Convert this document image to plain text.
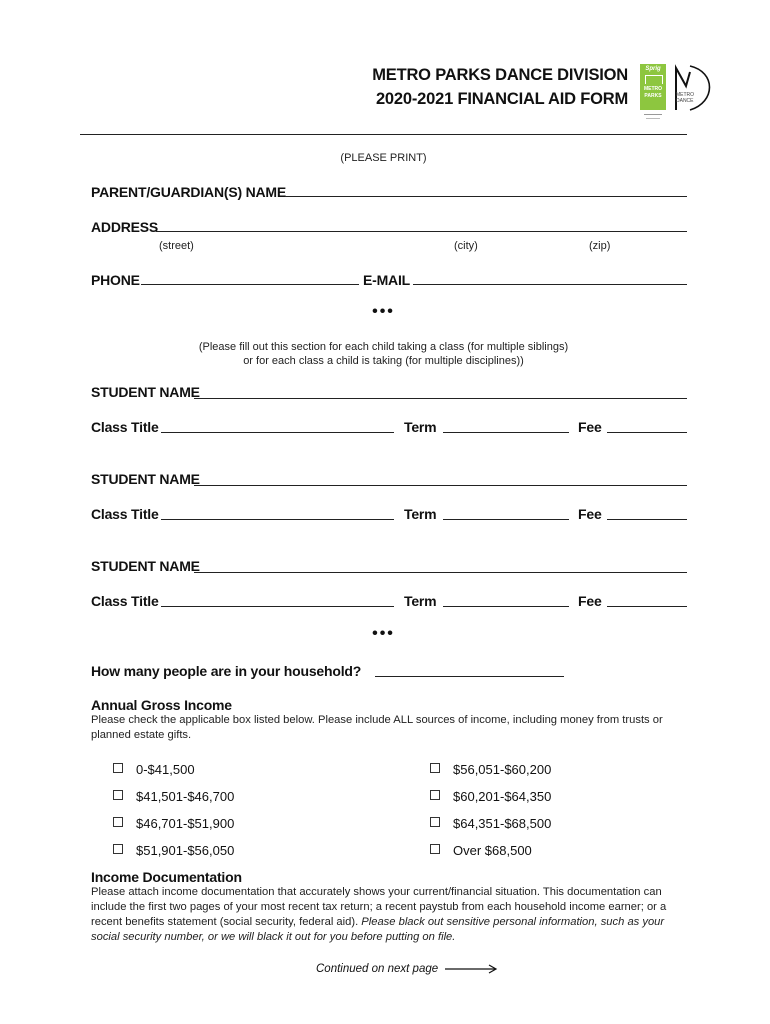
METRO PARKS DANCE DIVISION
2020-2021 FINANCIAL AID FORM
Sprig
METRO
PARKS	METRO
DANCE
(PLEASE PRINT)
PARENT/GUARDIAN(S) NAME
ADDRESS
(street)	(city)	(zip)
PHONE	E-MAIL
•••
(Please fill out this section for each child taking a class (for multiple siblings)
or for each class a child is taking (for multiple disciplines))
STUDENT NAME
Class Title	Term	Fee
STUDENT NAME
Class Title	Term	Fee
STUDENT NAME
Class Title	Term	Fee
•••
How many people are in your household?
Annual Gross Income
Please check the applicable box listed below. Please include ALL sources of income, including money from trusts or planned estate gifts.
0-$41,500
$41,501-$46,700
$46,701-$51,900
$51,901-$56,050
$56,051-$60,200
$60,201-$64,350
$64,351-$68,500
Over $68,500
Income Documentation
Please attach income documentation that accurately shows your current/financial situation. This documentation can include the first two pages of your most recent tax return; a recent paystub from each household income earner; or a recent benefits statement (social security, federal aid). Please black out sensitive personal information, such as your social security number, or we will black it out for you before putting on file.
Continued on next page
